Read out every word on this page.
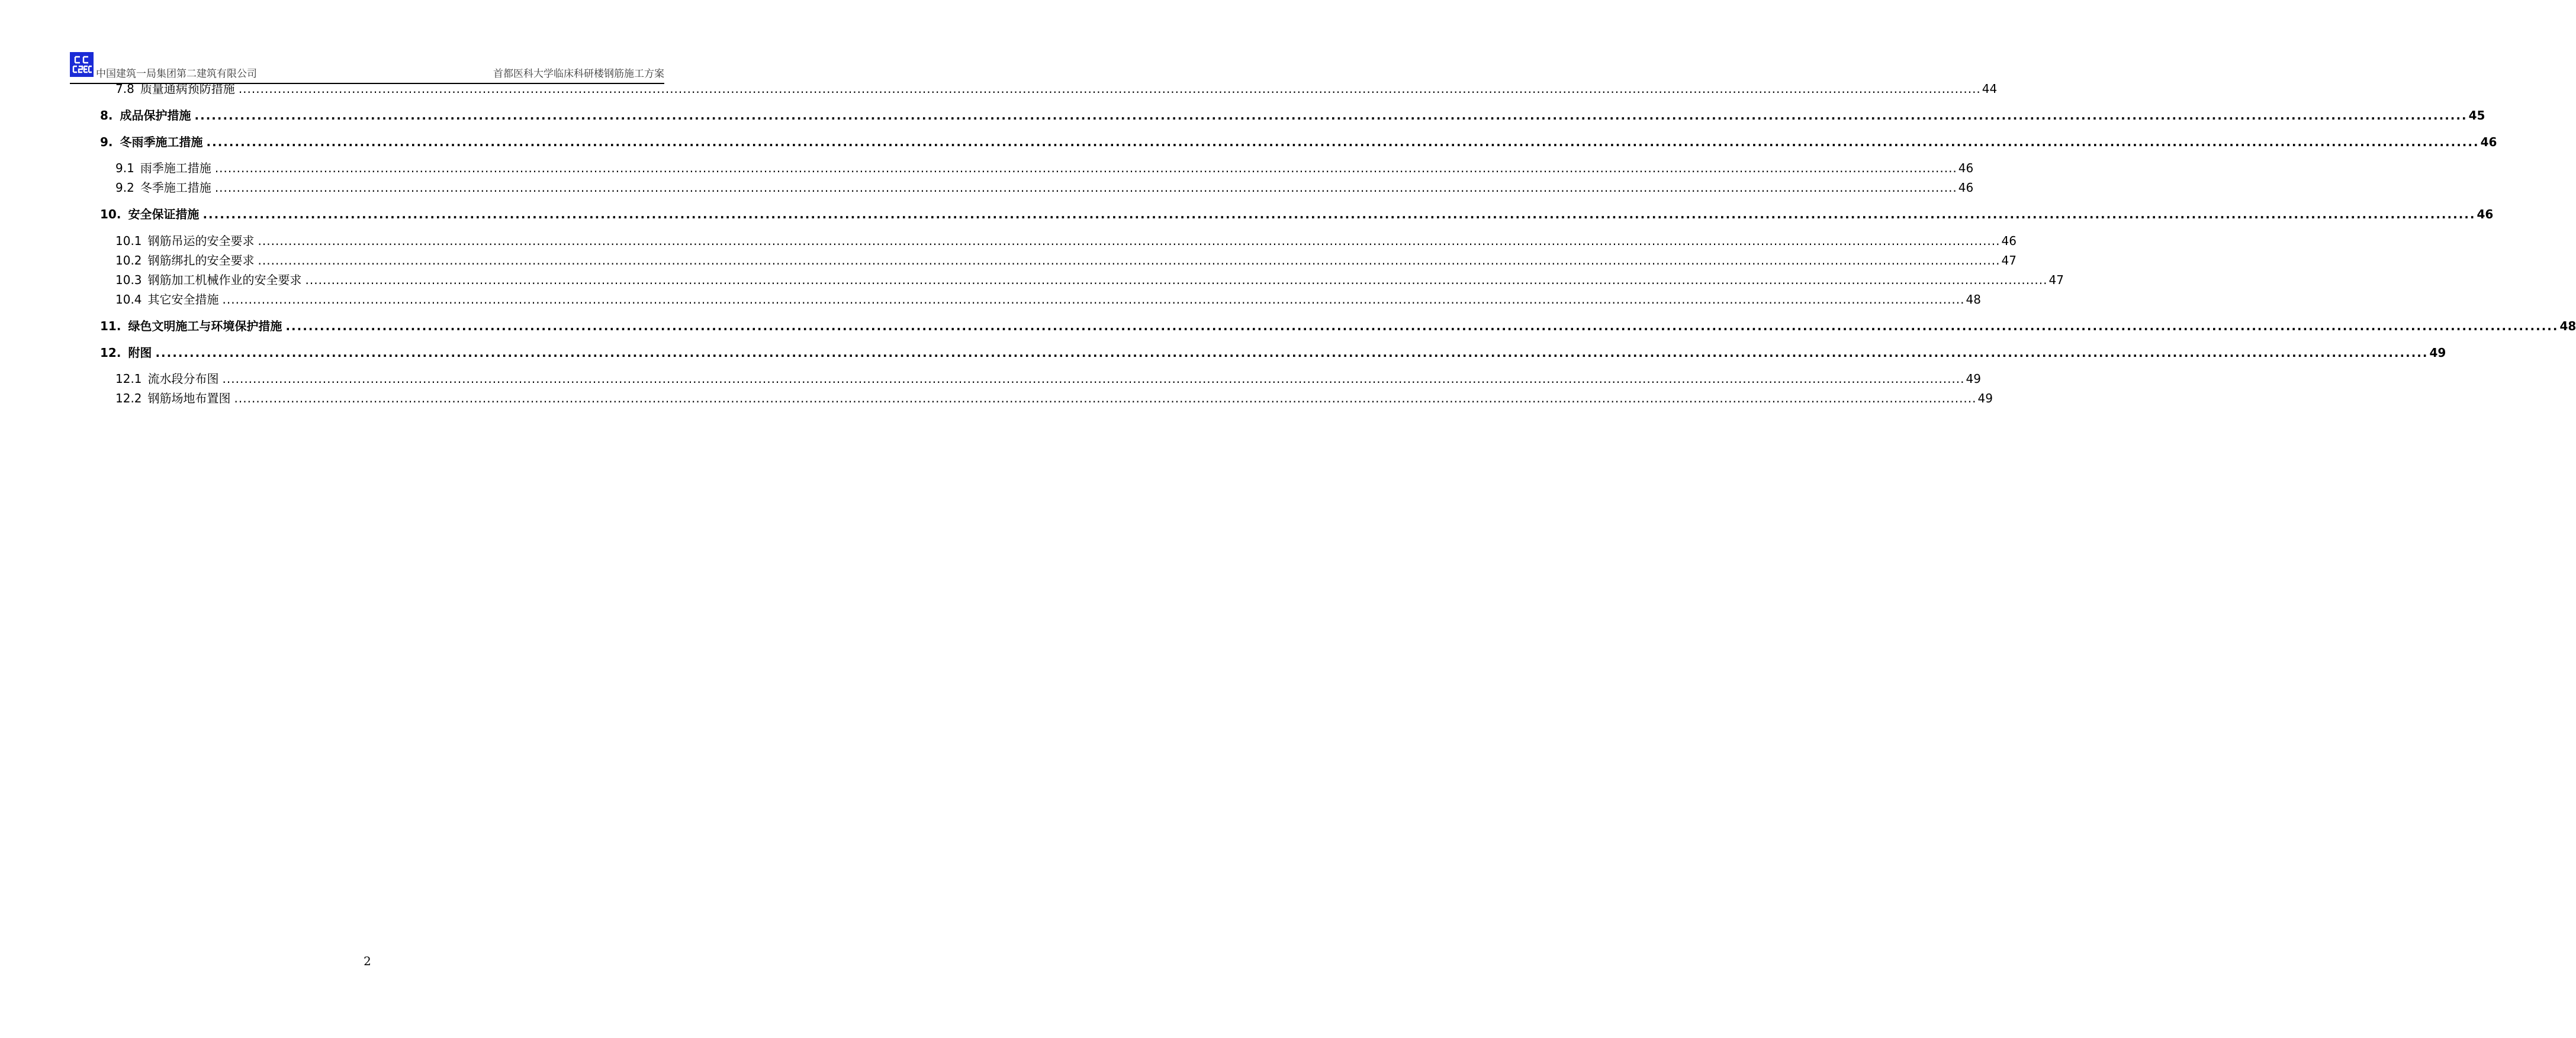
中国建筑一局集团第二建筑有限公司	首都医科大学临床科研楼钢筋施工方案
7.8 质量通病预防措施 ................................................................................................................................................................................................................................................................................................................................................................................................................ 44
8. 成品保护措施 ................................................................................................................................................................................................................................................................................................................................................................................................................ 45
9. 冬雨季施工措施 ................................................................................................................................................................................................................................................................................................................................................................................................................ 46
9.1 雨季施工措施 ................................................................................................................................................................................................................................................................................................................................................................................................................ 46
9.2 冬季施工措施 ................................................................................................................................................................................................................................................................................................................................................................................................................ 46
10. 安全保证措施 ................................................................................................................................................................................................................................................................................................................................................................................................................ 46
10.1 钢筋吊运的安全要求 ................................................................................................................................................................................................................................................................................................................................................................................................................ 46
10.2 钢筋绑扎的安全要求 ................................................................................................................................................................................................................................................................................................................................................................................................................ 47
10.3 钢筋加工机械作业的安全要求 ................................................................................................................................................................................................................................................................................................................................................................................................................ 47
10.4 其它安全措施 ................................................................................................................................................................................................................................................................................................................................................................................................................ 48
11. 绿色文明施工与环境保护措施 ................................................................................................................................................................................................................................................................................................................................................................................................................ 48
12. 附图 ................................................................................................................................................................................................................................................................................................................................................................................................................ 49
12.1 流水段分布图 ................................................................................................................................................................................................................................................................................................................................................................................................................ 49
12.2 钢筋场地布置图 ................................................................................................................................................................................................................................................................................................................................................................................................................ 49
2
